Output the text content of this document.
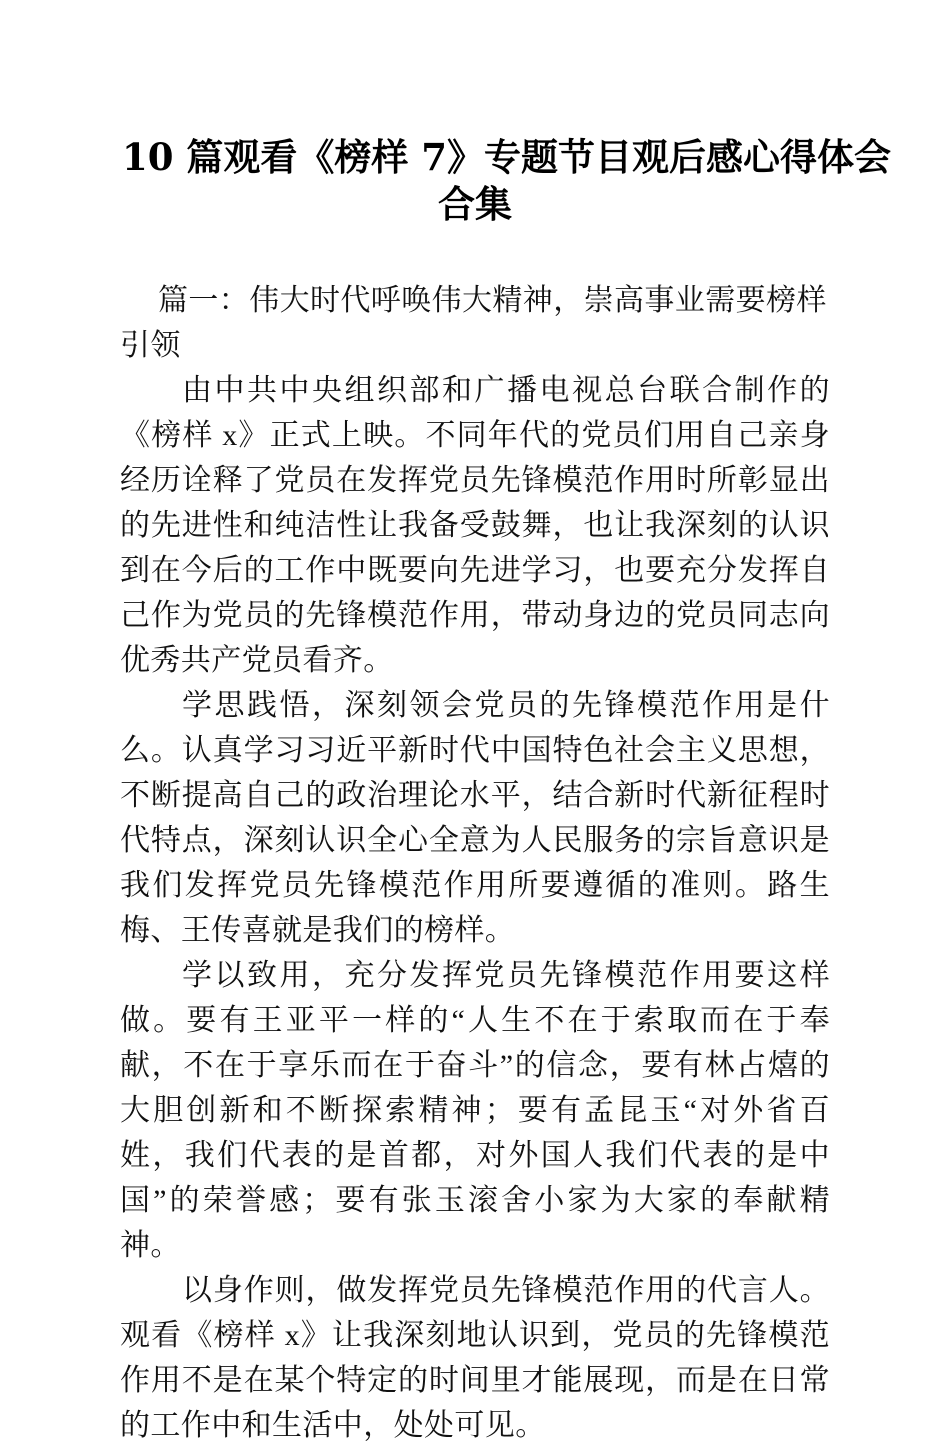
10 篇观看《榜样 7》专题节目观后感心得体会
合集

篇一：伟大时代呼唤伟大精神，崇高事业需要榜样引领

由中共中央组织部和广播电视总台联合制作的《榜样 x》正式上映。不同年代的党员们用自己亲身经历诠释了党员在发挥党员先锋模范作用时所彰显出的先进性和纯洁性让我备受鼓舞，也让我深刻的认识到在今后的工作中既要向先进学习，也要充分发挥自己作为党员的先锋模范作用，带动身边的党员同志向优秀共产党员看齐。

学思践悟，深刻领会党员的先锋模范作用是什么。认真学习习近平新时代中国特色社会主义思想，不断提高自己的政治理论水平，结合新时代新征程时代特点，深刻认识全心全意为人民服务的宗旨意识是我们发挥党员先锋模范作用所要遵循的准则。路生梅、王传喜就是我们的榜样。

学以致用，充分发挥党员先锋模范作用要这样做。要有王亚平一样的“人生不在于索取而在于奉献，不在于享乐而在于奋斗”的信念，要有林占熺的大胆创新和不断探索精神；要有孟昆玉“对外省百姓，我们代表的是首都，对外国人我们代表的是中国”的荣誉感；要有张玉滚舍小家为大家的奉献精神。

以身作则，做发挥党员先锋模范作用的代言人。观看《榜样 x》让我深刻地认识到，党员的先锋模范作用不是在某个特定的时间里才能展现，而是在日常的工作中和生活中，处处可见。
